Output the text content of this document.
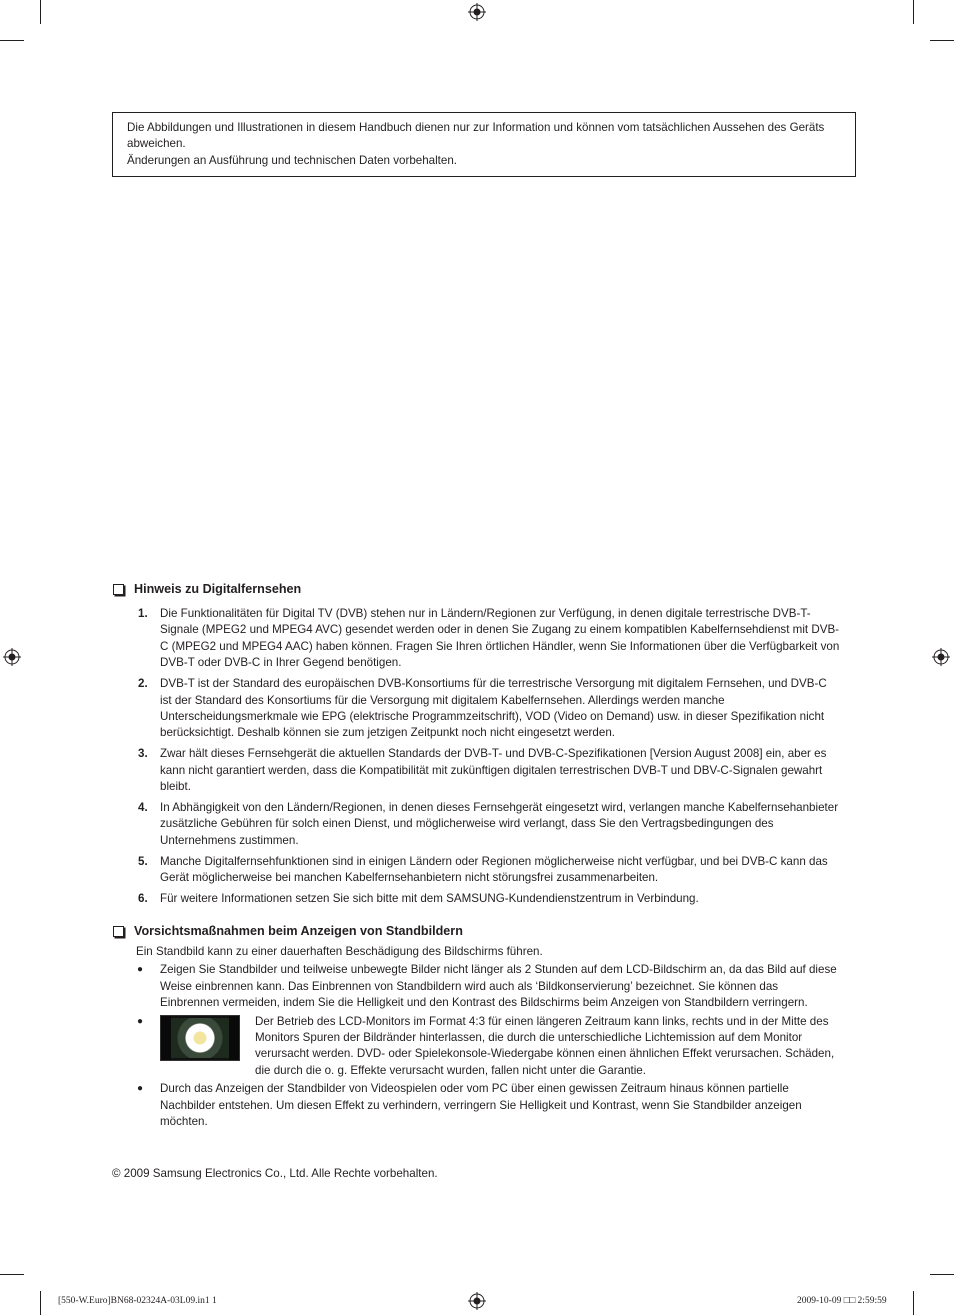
Die Abbildungen und Illustrationen in diesem Handbuch dienen nur zur Information und können vom tatsächlichen Aussehen des Geräts abweichen.

Änderungen an Ausführung und technischen Daten vorbehalten.

Hinweis zu Digitalfernsehen
1. Die Funktionalitäten für Digital TV (DVB) stehen nur in Ländern/Regionen zur Verfügung, in denen digitale terrestrische DVB-T-Signale (MPEG2 und MPEG4 AVC) gesendet werden oder in denen Sie Zugang zu einem kompatiblen Kabelfernsehdienst mit DVB-C (MPEG2 und MPEG4 AAC) haben können. Fragen Sie Ihren örtlichen Händler, wenn Sie Informationen über die Verfügbarkeit von DVB-T oder DVB-C in Ihrer Gegend benötigen.
2. DVB-T ist der Standard des europäischen DVB-Konsortiums für die terrestrische Versorgung mit digitalem Fernsehen, und DVB-C ist der Standard des Konsortiums für die Versorgung mit digitalem Kabelfernsehen. Allerdings werden manche Unterscheidungsmerkmale wie EPG (elektrische Programmzeitschrift), VOD (Video on Demand) usw. in dieser Spezifikation nicht berücksichtigt. Deshalb können sie zum jetzigen Zeitpunkt noch nicht eingesetzt werden.
3. Zwar hält dieses Fernsehgerät die aktuellen Standards der DVB-T- und DVB-C-Spezifikationen [Version August 2008] ein, aber es kann nicht garantiert werden, dass die Kompatibilität mit zukünftigen digitalen terrestrischen DVB-T und DBV-C-Signalen gewahrt bleibt.
4. In Abhängigkeit von den Ländern/Regionen, in denen dieses Fernsehgerät eingesetzt wird, verlangen manche Kabelfernsehanbieter zusätzliche Gebühren für solch einen Dienst, und möglicherweise wird verlangt, dass Sie den Vertragsbedingungen des Unternehmens zustimmen.
5. Manche Digitalfernsehfunktionen sind in einigen Ländern oder Regionen möglicherweise nicht verfügbar, und bei DVB-C kann das Gerät möglicherweise bei manchen Kabelfernsehanbietern nicht störungsfrei zusammenarbeiten.
6. Für weitere Informationen setzen Sie sich bitte mit dem SAMSUNG-Kundendienstzentrum in Verbindung.
Vorsichtsmaßnahmen beim Anzeigen von Standbildern
Ein Standbild kann zu einer dauerhaften Beschädigung des Bildschirms führen.
● Zeigen Sie Standbilder und teilweise unbewegte Bilder nicht länger als 2 Stunden auf dem LCD-Bildschirm an, da das Bild auf diese Weise einbrennen kann. Das Einbrennen von Standbildern wird auch als ‘Bildkonservierung’ bezeichnet. Sie können das Einbrennen vermeiden, indem Sie die Helligkeit und den Kontrast des Bildschirms beim Anzeigen von Standbildern verringern.
●	Der Betrieb des LCD-Monitors im Format 4:3 für einen längeren Zeitraum kann links, rechts und in der Mitte des Monitors Spuren der Bildränder hinterlassen, die durch die unterschiedliche Lichtemission auf dem Monitor verursacht werden. DVD- oder Spielekonsole-Wiedergabe können einen ähnlichen Effekt verursachen. Schäden, die durch die o. g. Effekte verursacht wurden, fallen nicht unter die Garantie.
● Durch das Anzeigen der Standbilder von Videospielen oder vom PC über einen gewissen Zeitraum hinaus können partielle Nachbilder entstehen. Um diesen Effekt zu verhindern, verringern Sie Helligkeit und Kontrast, wenn Sie Standbilder anzeigen möchten.
© 2009 Samsung Electronics Co., Ltd. Alle Rechte vorbehalten.
[550-W.Euro]BN68-02324A-03L09.in1 1	2009-10-09 □□ 2:59:59
